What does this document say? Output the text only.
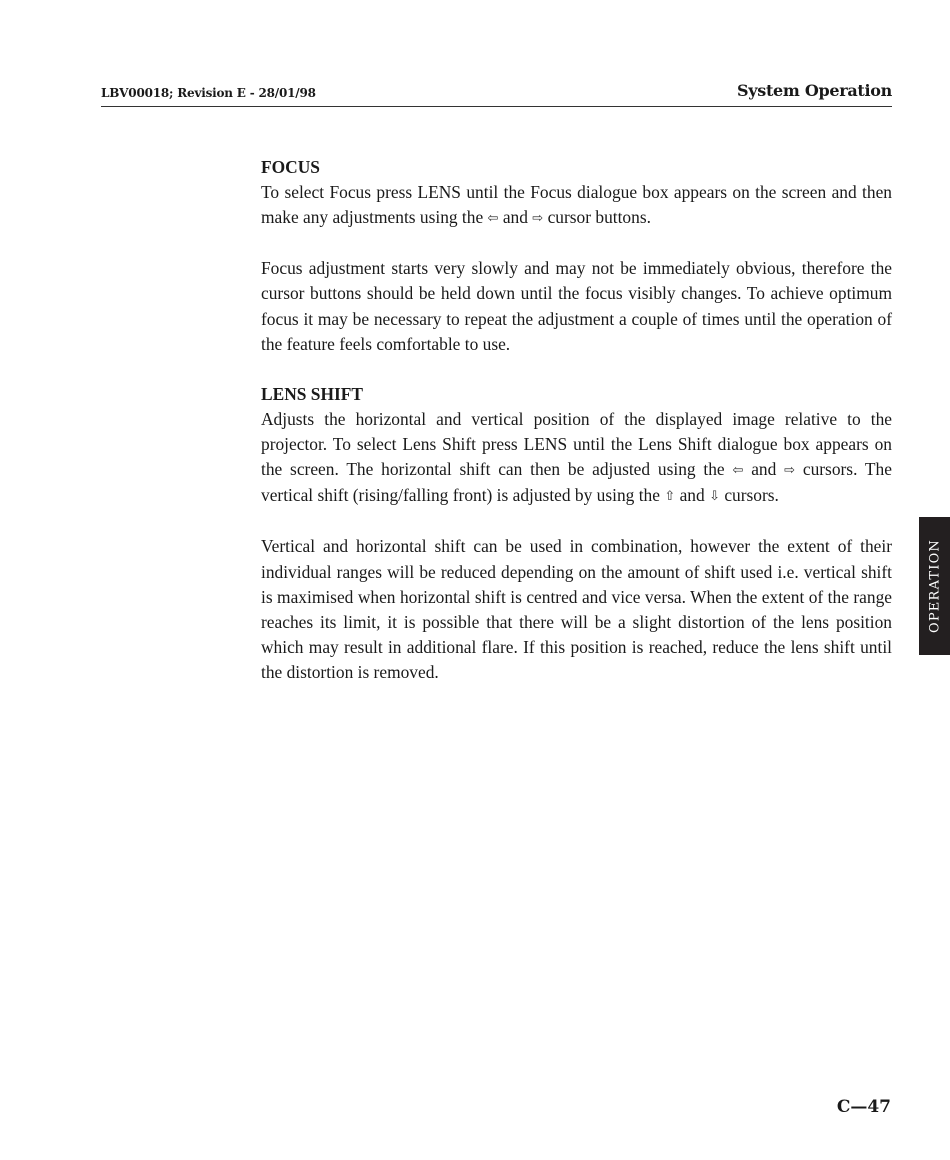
LBV00018; Revision E - 28/01/98	System Operation
FOCUS

To select Focus press LENS until the Focus dialogue box appears on the screen and then make any adjustments using the ⇦ and ⇨ cursor buttons.

Focus adjustment starts very slowly and may not be immediately obvious, therefore the cursor buttons should be held down until the focus visibly changes. To achieve optimum focus it may be necessary to repeat the adjustment a couple of times until the operation of the feature feels comfortable to use.

LENS SHIFT

Adjusts the horizontal and vertical position of the displayed image relative to the projector. To select Lens Shift press LENS until the Lens Shift dialogue box appears on the screen. The horizontal shift can then be adjusted using the ⇦ and ⇨ cursors. The vertical shift (rising/falling front) is adjusted by using the ⇧ and ⇩ cursors.

Vertical and horizontal shift can be used in combination, however the extent of their individual ranges will be reduced depending on the amount of shift used i.e. vertical shift is maximised when horizontal shift is centred and vice versa. When the extent of the range reaches its limit, it is possible that there will be a slight distortion of the lens position which may result in additional flare. If this position is reached, reduce the lens shift until the distortion is removed.

OPERATION
C—47
